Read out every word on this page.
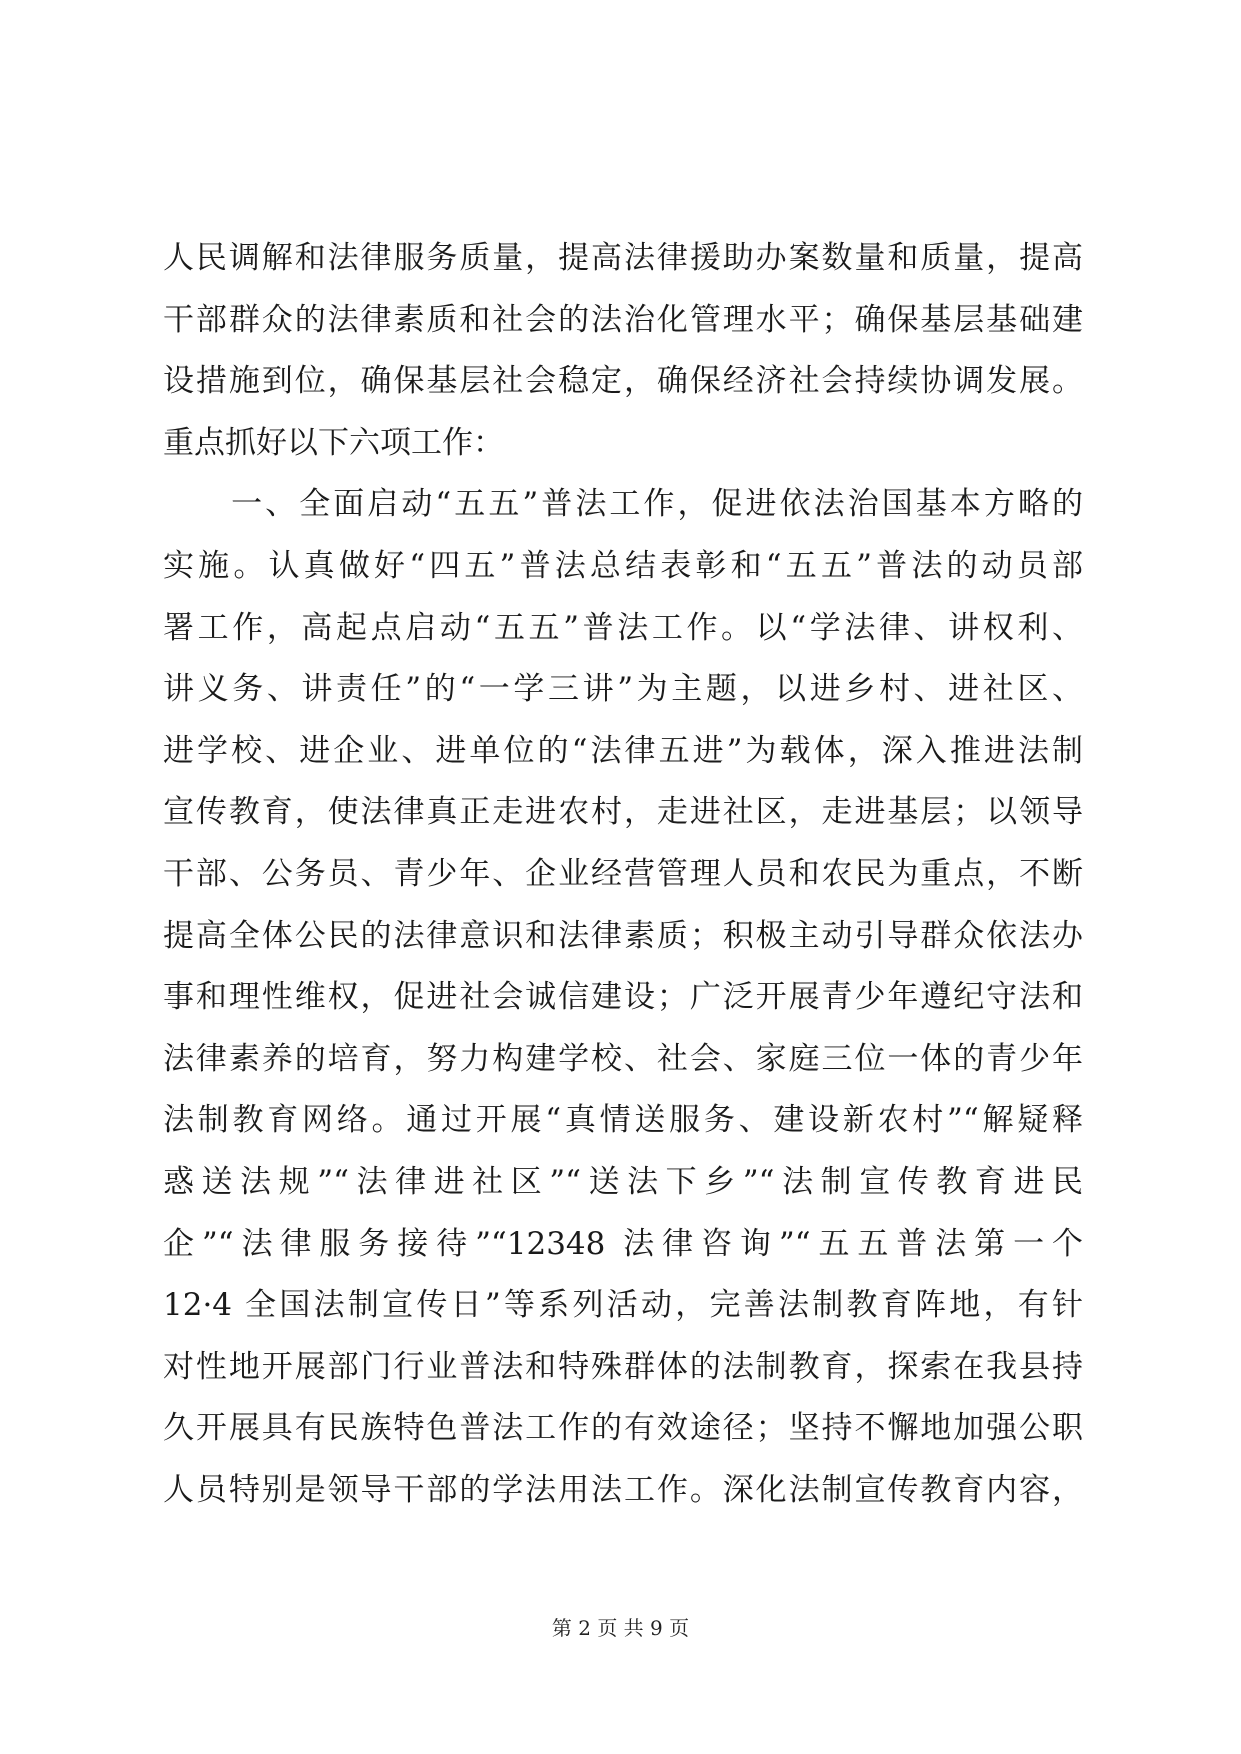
人民调解和法律服务质量，提高法律援助办案数量和质量，提高
干部群众的法律素质和社会的法治化管理水平；确保基层基础建
设措施到位，确保基层社会稳定，确保经济社会持续协调发展。
重点抓好以下六项工作：
　　一、全面启动“五五”普法工作，促进依法治国基本方略的
实施。认真做好“四五”普法总结表彰和“五五”普法的动员部
署工作，高起点启动“五五”普法工作。以“学法律、讲权利、
讲义务、讲责任”的“一学三讲”为主题，以进乡村、进社区、
进学校、进企业、进单位的“法律五进”为载体，深入推进法制
宣传教育，使法律真正走进农村，走进社区，走进基层；以领导
干部、公务员、青少年、企业经营管理人员和农民为重点，不断
提高全体公民的法律意识和法律素质；积极主动引导群众依法办
事和理性维权，促进社会诚信建设；广泛开展青少年遵纪守法和
法律素养的培育，努力构建学校、社会、家庭三位一体的青少年
法制教育网络。通过开展“真情送服务、建设新农村”“解疑释
惑送法规”“法律进社区”“送法下乡”“法制宣传教育进民
企”“法律服务接待”“12348 法律咨询”“五五普法第一个
12·4 全国法制宣传日”等系列活动，完善法制教育阵地，有针
对性地开展部门行业普法和特殊群体的法制教育，探索在我县持
久开展具有民族特色普法工作的有效途径；坚持不懈地加强公职
人员特别是领导干部的学法用法工作。深化法制宣传教育内容，
第 2 页 共 9 页
